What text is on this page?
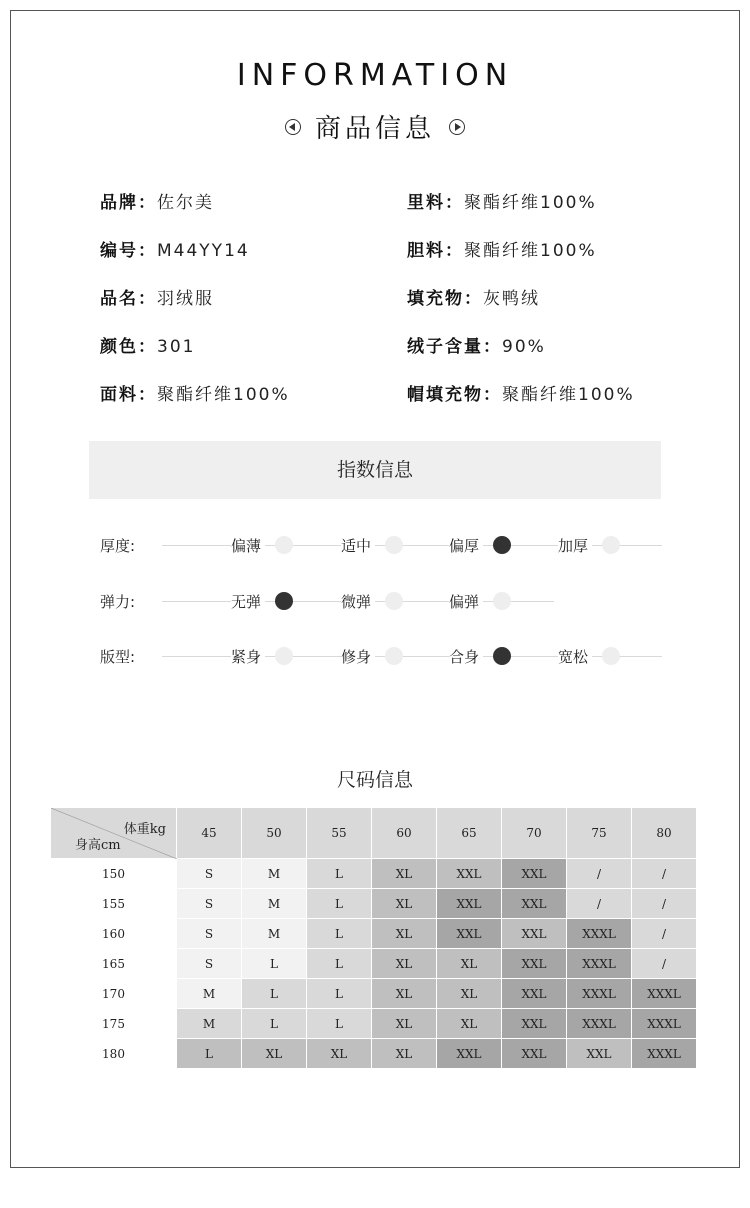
INFORMATION
商品信息
品牌：佐尔美
编号：M44YY14
品名：羽绒服
颜色：301
面料：聚酯纤维100%
里料：聚酯纤维100%
胆料：聚酯纤维100%
填充物：灰鸭绒
绒子含量：90%
帽填充物：聚酯纤维100%
指数信息
厚度:	偏薄	适中	偏厚	加厚
弹力:	无弹	微弹	偏弹
版型:	紧身	修身	合身	宽松
尺码信息
体重kg
身高cm	45	50	55	60	65	70	75	80
150	S	M	L	XL	XXL	XXL	/	/
155	S	M	L	XL	XXL	XXL	/	/
160	S	M	L	XL	XXL	XXL	XXXL	/
165	S	L	L	XL	XL	XXL	XXXL	/
170	M	L	L	XL	XL	XXL	XXXL	XXXL
175	M	L	L	XL	XL	XXL	XXXL	XXXL
180	L	XL	XL	XL	XXL	XXL	XXL	XXXL
